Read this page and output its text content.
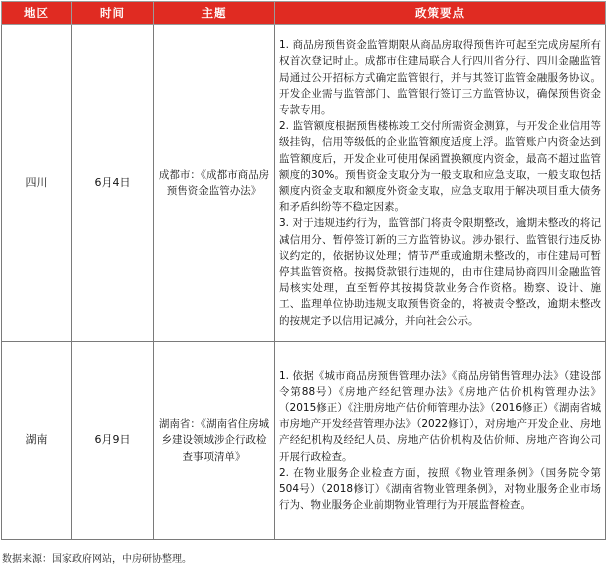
地区	时间	主题	政策要点
四川	6月4日	成都市：《成都市商品房预售资金监管办法》	1. 商品房预售资金监管期限从商品房取得预售许可起至完成房屋所有权首次登记时止。成都市住建局联合人行四川省分行、四川金融监管局通过公开招标方式确定监管银行，并与其签订监管金融服务协议。开发企业需与监管部门、监管银行签订三方监管协议，确保预售资金专款专用。
2. 监管额度根据预售楼栋竣工交付所需资金测算，与开发企业信用等级挂钩，信用等级低的企业监管额度适度上浮。监管账户内资金达到监管额度后，开发企业可使用保函置换额度内资金，最高不超过监管额度的30%。预售资金支取分为一般支取和应急支取，一般支取包括额度内资金支取和额度外资金支取，应急支取用于解决项目重大债务和矛盾纠纷等不稳定因素。
3. 对于违规违约行为，监管部门将责令限期整改，逾期未整改的将记减信用分、暂停签订新的三方监管协议。涉办银行、监管银行违反协议约定的，依据协议处理；情节严重或逾期未整改的，市住建局可暂停其监管资格。按揭贷款银行违规的，由市住建局协商四川金融监管局核实处理，直至暂停其按揭贷款业务合作资格。勘察、设计、施工、监理单位协助违规支取预售资金的，将被责令整改，逾期未整改的按规定予以信用记减分，并向社会公示。

湖南	6月9日	湖南省：《湖南省住房城乡建设领域涉企行政检查事项清单》	1. 依据《城市商品房预售管理办法》《商品房销售管理办法》（建设部令第88号）《房地产经纪管理办法》《房地产估价机构管理办法》（2015修正）《注册房地产估价师管理办法》（2016修正）《湖南省城市房地产开发经营管理办法》（2022修订），对房地产开发企业、房地产经纪机构及经纪人员、房地产估价机构及估价师、房地产咨询公司开展行政检查。
2. 在物业服务企业检查方面，按照《物业管理条例》（国务院令第504号）（2018修订）《湖南省物业管理条例》，对物业服务企业市场行为、物业服务企业前期物业管理行为开展监督检查。
数据来源：国家政府网站，中房研协整理。
